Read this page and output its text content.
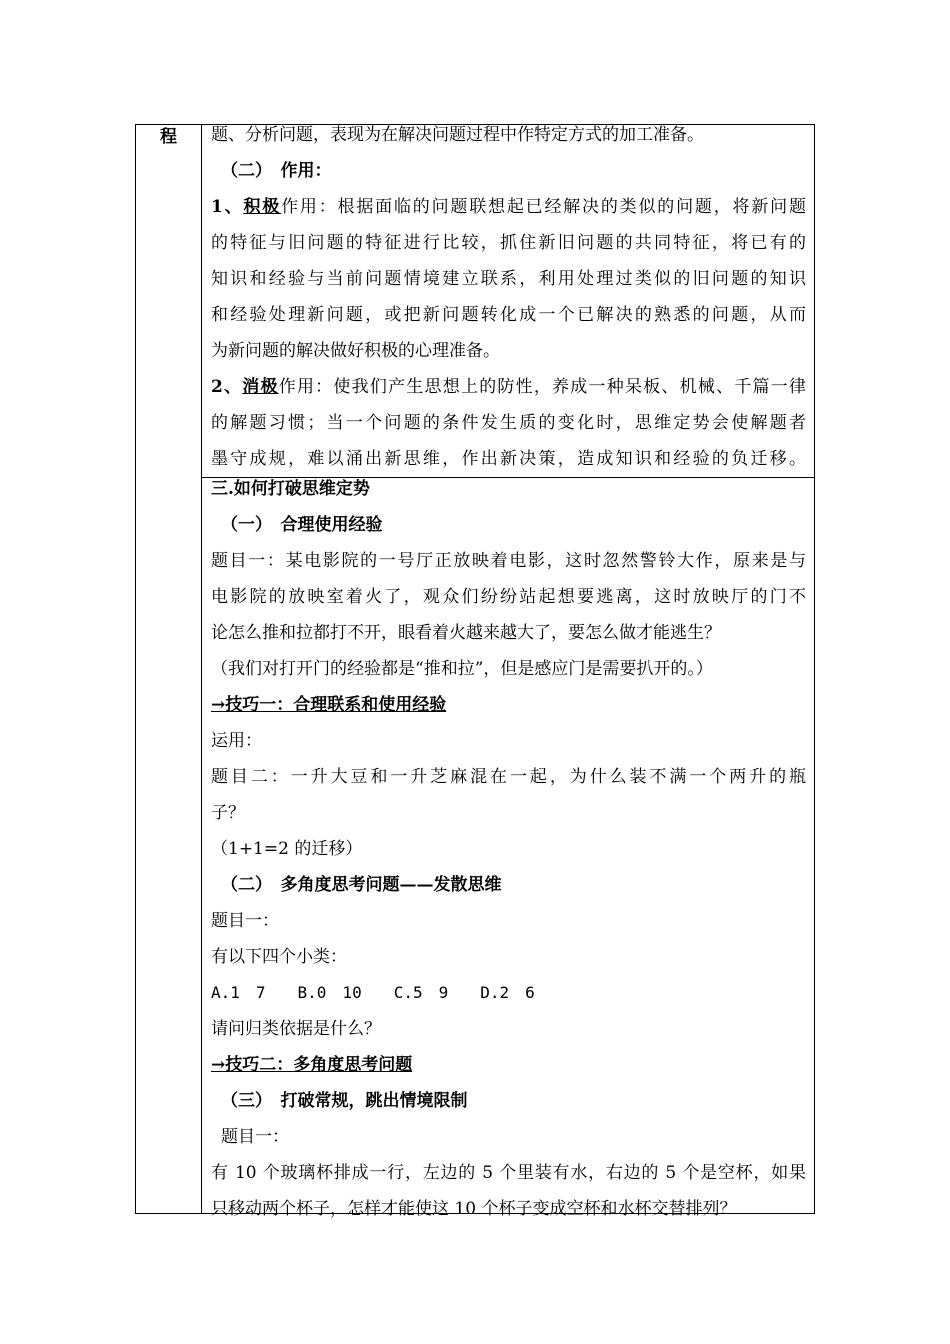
程	题、分析问题，表现为在解决问题过程中作特定方式的加工准备。

（二）　作用：

1、积极作用：根据面临的问题联想起已经解决的类似的问题，将新问题

的特征与旧问题的特征进行比较，抓住新旧问题的共同特征，将已有的

知识和经验与当前问题情境建立联系，利用处理过类似的旧问题的知识

和经验处理新问题，或把新问题转化成一个已解决的熟悉的问题，从而

为新问题的解决做好积极的心理准备。

2、消极作用：使我们产生思想上的防性，养成一种呆板、机械、千篇一律

的解题习惯；当一个问题的条件发生质的变化时，思维定势会使解题者

墨守成规，难以涌出新思维，作出新决策，造成知识和经验的负迁移。

三.如何打破思维定势

（一）　合理使用经验

题目一：某电影院的一号厅正放映着电影，这时忽然警铃大作，原来是与

电影院的放映室着火了，观众们纷纷站起想要逃离，这时放映厅的门不

论怎么推和拉都打不开，眼看着火越来越大了，要怎么做才能逃生？

（我们对打开门的经验都是“推和拉”，但是感应门是需要扒开的。）

→技巧一：合理联系和使用经验

运用：

题目二：一升大豆和一升芝麻混在一起，为什么装不满一个两升的瓶

子？

（1+1=2 的迁移）

（二）　多角度思考问题——发散思维

题目一：

有以下四个小类：

A.1　7　　B.0　10　　C.5　9　　D.2　6

请问归类依据是什么？

→技巧二：多角度思考问题

（三）　打破常规，跳出情境限制

题目一：

有 10 个玻璃杯排成一行，左边的 5 个里装有水，右边的 5 个是空杯，如果

只移动两个杯子，怎样才能使这 10 个杯子变成空杯和水杯交替排列？
